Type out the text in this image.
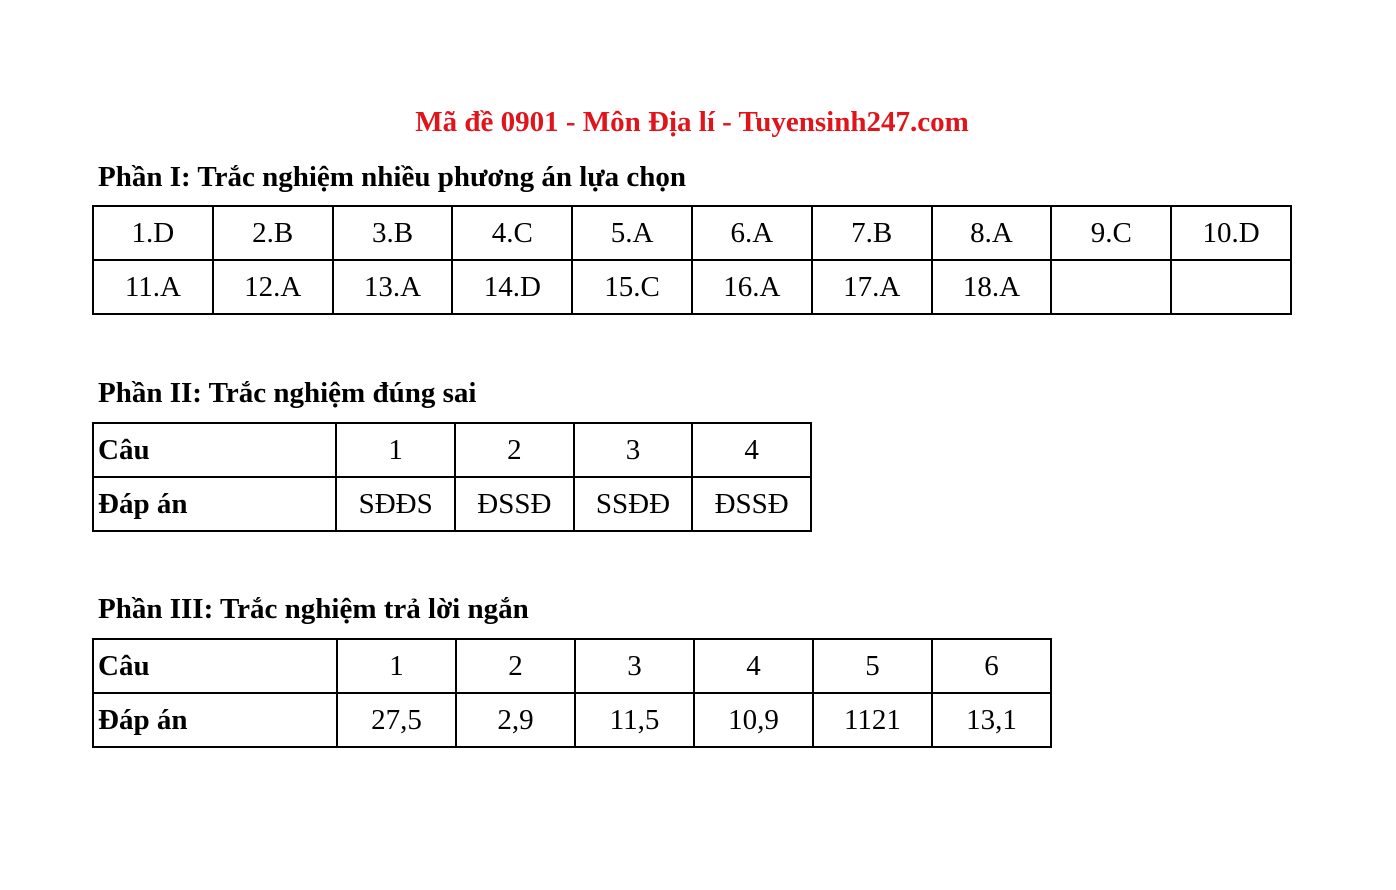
Mã đề 0901 - Môn Địa lí - Tuyensinh247.com
Phần I: Trắc nghiệm nhiều phương án lựa chọn
1.D	2.B	3.B	4.C	5.A	6.A	7.B	8.A	9.C	10.D
11.A	12.A	13.A	14.D	15.C	16.A	17.A	18.A		
Phần II: Trắc nghiệm đúng sai
Câu	1	2	3	4
Đáp án	SĐĐS	ĐSSĐ	SSĐĐ	ĐSSĐ
Phần III: Trắc nghiệm trả lời ngắn
Câu	1	2	3	4	5	6
Đáp án	27,5	2,9	11,5	10,9	1121	13,1
